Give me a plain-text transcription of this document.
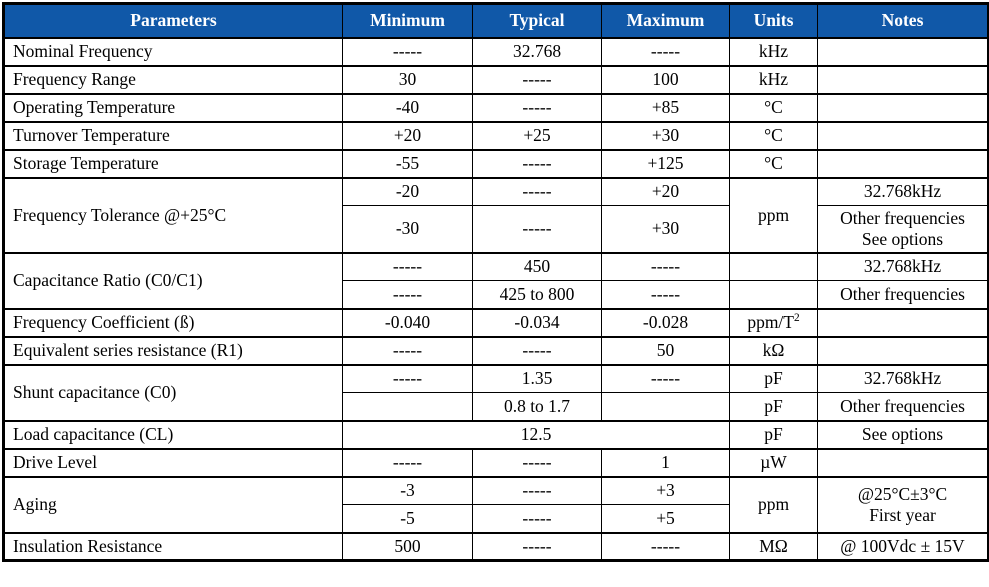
Parameters	Minimum	Typical	Maximum	Units	Notes
Nominal Frequency	-----	32.768	-----	kHz	
Frequency Range	30	-----	100	kHz	
Operating Temperature	-40	-----	+85	°C	
Turnover Temperature	+20	+25	+30	°C	
Storage Temperature	-55	-----	+125	°C	
Frequency Tolerance @+25°C	-20	-----	+20	ppm	32.768kHz
	-30	-----	+30		Other frequencies
See options

Capacitance Ratio (C0/C1)	-----	450	-----		32.768kHz
	-----	425 to 800	-----		Other frequencies
Frequency Coefficient (ß)	-0.040	-0.034	-0.028	ppm/$T^2$	
Equivalent series resistance (R1)	-----	-----	50	kΩ	
Shunt capacitance (C0)	-----	1.35	-----	pF	32.768kHz
		0.8 to 1.7		pF	Other frequencies
Load capacitance (CL)	12.5			pF	See options
Drive Level	-----	-----	1	µW	
Aging	-3	-----	+3	ppm	@25°C±3°C
First year

	-5	-----	+5		
Insulation Resistance	500	-----	-----	MΩ	@ 100Vdc ± 15V
